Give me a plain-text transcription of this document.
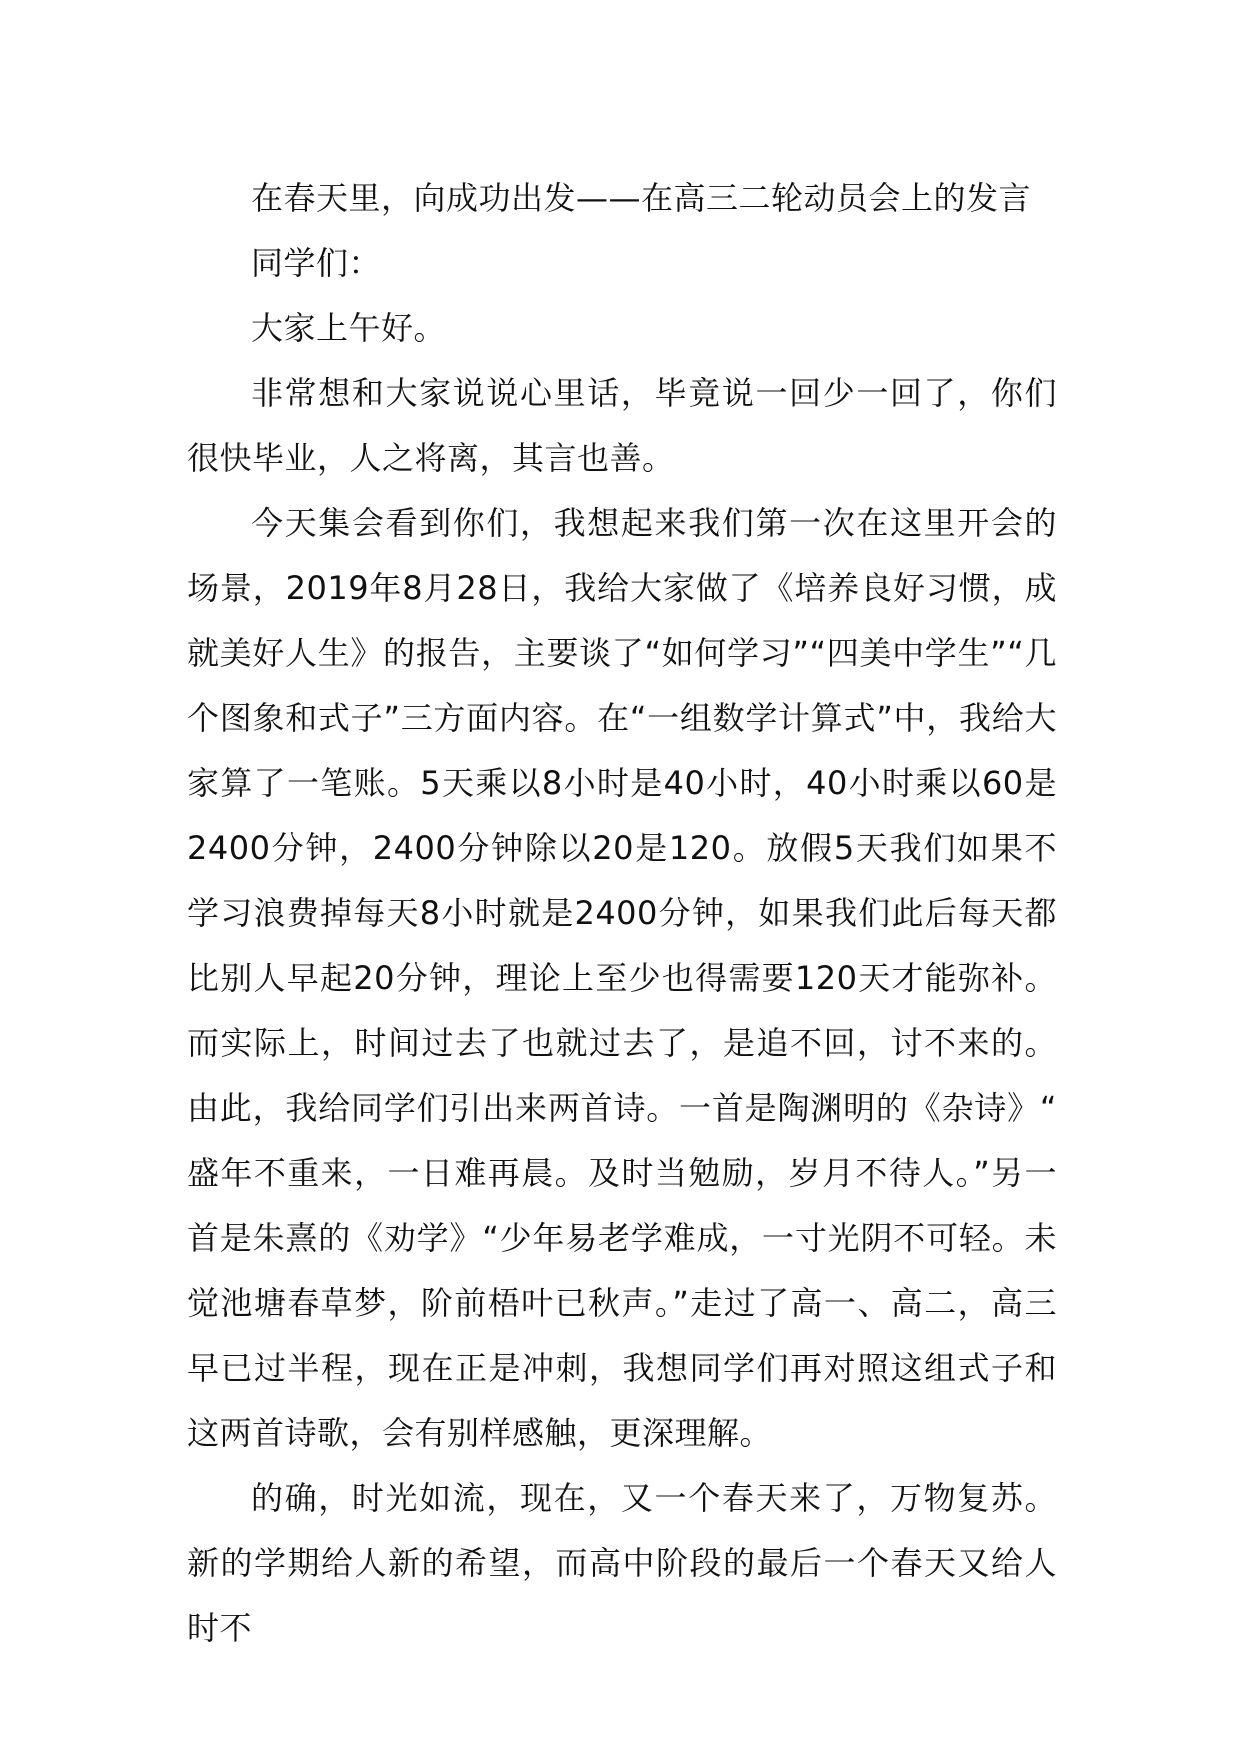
在春天里，向成功出发——在高三二轮动员会上的发言

同学们：

大家上午好。

非常想和大家说说心里话，毕竟说一回少一回了，你们很快毕业，人之将离，其言也善。

今天集会看到你们，我想起来我们第一次在这里开会的场景，2019年8月28日，我给大家做了《培养良好习惯，成就美好人生》的报告，主要谈了“如何学习”“四美中学生”“几个图象和式子”三方面内容。在“一组数学计算式”中，我给大家算了一笔账。5天乘以8小时是40小时，40小时乘以60是2400分钟，2400分钟除以20是120。放假5天我们如果不学习浪费掉每天8小时就是2400分钟，如果我们此后每天都比别人早起20分钟，理论上至少也得需要120天才能弥补。而实际上，时间过去了也就过去了，是追不回，讨不来的。由此，我给同学们引出来两首诗。一首是陶渊明的《杂诗》“盛年不重来，一日难再晨。及时当勉励，岁月不待人。”另一首是朱熹的《劝学》“少年易老学难成，一寸光阴不可轻。未觉池塘春草梦，阶前梧叶已秋声。”走过了高一、高二，高三早已过半程，现在正是冲刺，我想同学们再对照这组式子和这两首诗歌，会有别样感触，更深理解。

的确，时光如流，现在，又一个春天来了，万物复苏。新的学期给人新的希望，而高中阶段的最后一个春天又给人时不
